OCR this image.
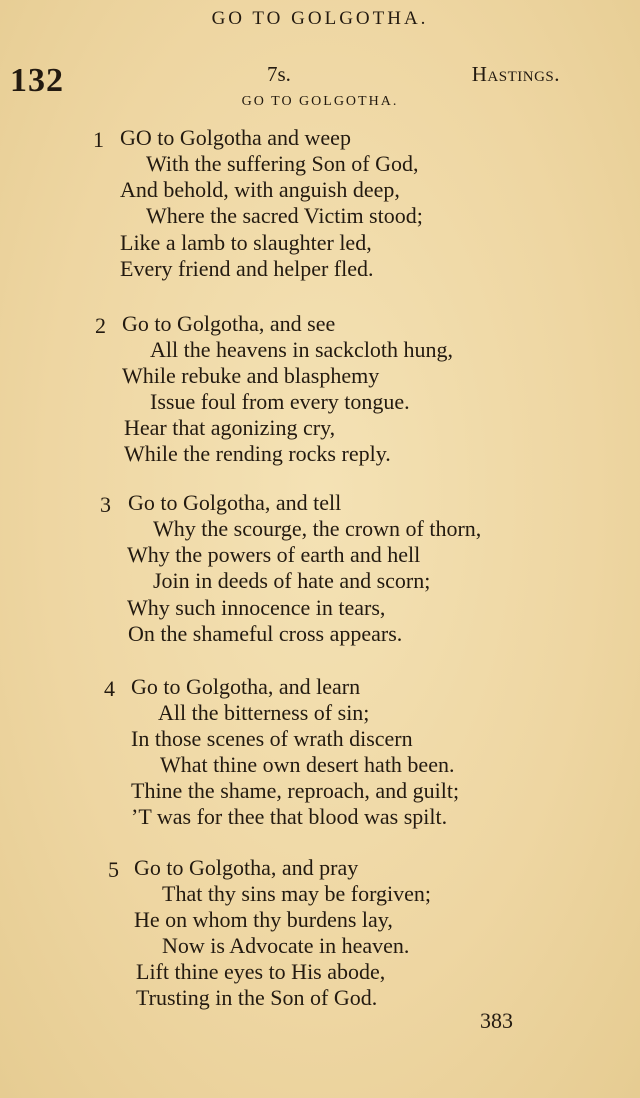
GO TO GOLGOTHA.
132	7s.	Hastings.
GO TO GOLGOTHA.
1 GO to Golgotha and weep
With the suffering Son of God,
And behold, with anguish deep,
Where the sacred Victim stood;
Like a lamb to slaughter led,
Every friend and helper fled.
2 Go to Golgotha, and see
All the heavens in sackcloth hung,
While rebuke and blasphemy
Issue foul from every tongue.
Hear that agonizing cry,
While the rending rocks reply.
3 Go to Golgotha, and tell
Why the scourge, the crown of thorn,
Why the powers of earth and hell
Join in deeds of hate and scorn;
Why such innocence in tears,
On the shameful cross appears.
4 Go to Golgotha, and learn
All the bitterness of sin;
In those scenes of wrath discern
What thine own desert hath been.
Thine the shame, reproach, and guilt;
’T was for thee that blood was spilt.
5 Go to Golgotha, and pray
That thy sins may be forgiven;
He on whom thy burdens lay,
Now is Advocate in heaven.
Lift thine eyes to His abode,
Trusting in the Son of God.
383
